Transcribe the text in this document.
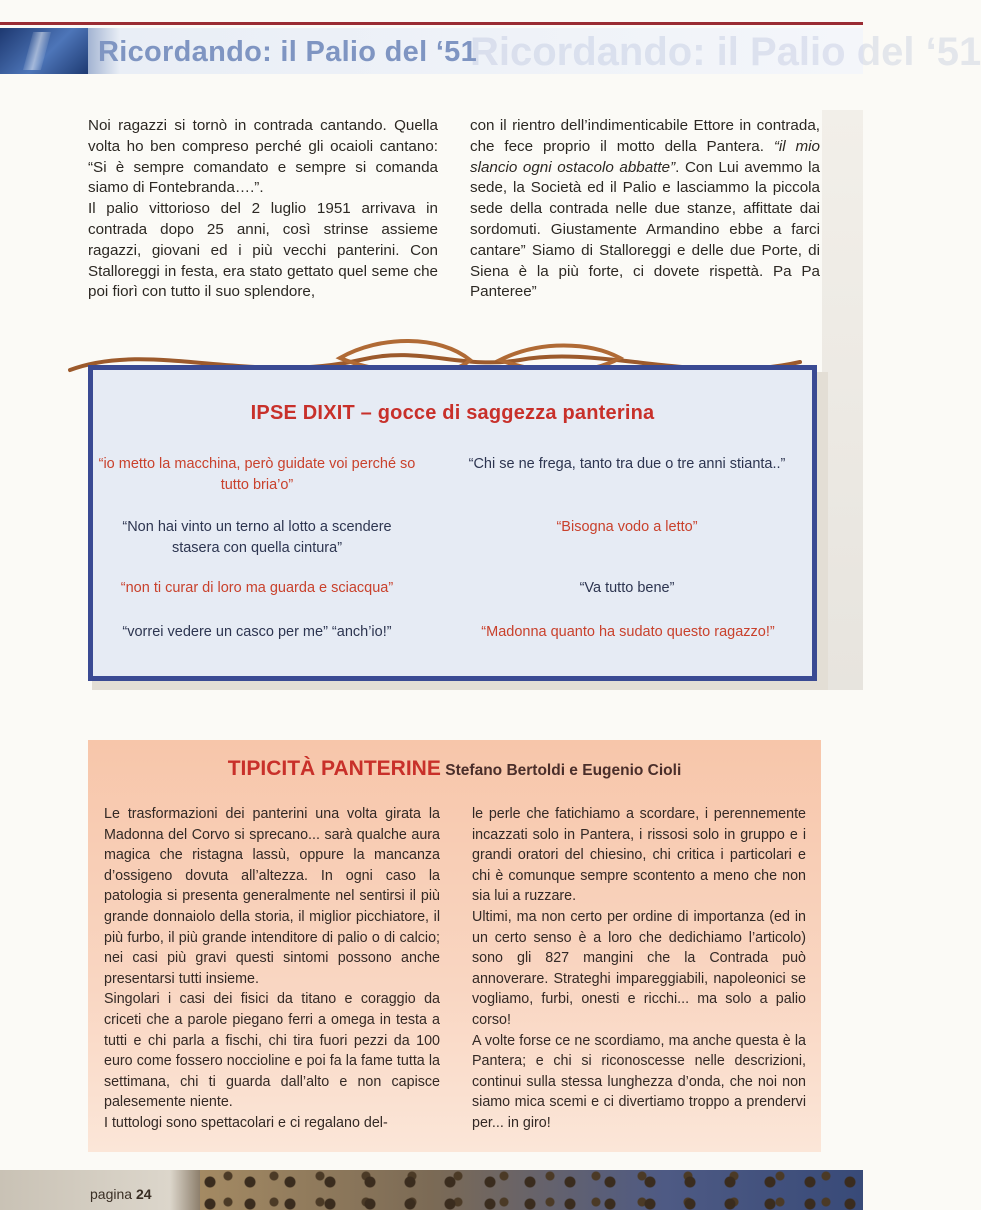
Ricordando: il Palio del ‘51
Ricordando: il Palio del ‘51

Noi ragazzi si tornò in contrada cantando. Quella volta ho ben compreso perché gli ocaioli cantano: “Si è sempre comandato e sempre si comanda siamo di Fontebranda….”.

Il palio vittorioso del 2 luglio 1951 arrivava in contrada dopo 25 anni, così strinse assieme ragazzi, giovani ed i più vecchi panterini. Con Stalloreggi in festa, era stato gettato quel seme che poi fiorì con tutto il suo splendore,

con il rientro dell’indimenticabile Ettore in contrada, che fece proprio il motto della Pantera. “il mio slancio ogni ostacolo abbatte”. Con Lui avemmo la sede, la Società ed il Palio e lasciammo la piccola sede della contrada nelle due stanze, affittate dai sordomuti. Giustamente Armandino ebbe a farci cantare” Siamo di Stalloreggi e delle due Porte, di Siena è la più forte, ci dovete rispettà. Pa Pa Panteree”

IPSE DIXIT – gocce di saggezza panterina
“io metto la macchina, però guidate voi perché so tutto bria’o”
“Chi se ne frega, tanto tra due o tre anni stianta..”
“Non hai vinto un terno al lotto a scendere stasera con quella cintura”
“Bisogna vodo a letto”
“non ti curar di loro ma guarda e sciacqua”	“Va tutto bene”
“vorrei vedere un casco per me” “anch’io!”	“Madonna quanto ha sudato questo ragazzo!”
TIPICITÀ PANTERINE Stefano Bertoldi e Eugenio Cioli

Le trasformazioni dei panterini una volta girata la Madonna del Corvo si sprecano... sarà qualche aura magica che ristagna lassù, oppure la mancanza d’ossigeno dovuta all’altezza. In ogni caso la patologia si presenta generalmente nel sentirsi il più grande donnaiolo della storia, il miglior picchiatore, il più furbo, il più grande intenditore di palio o di calcio; nei casi più gravi questi sintomi possono anche presentarsi tutti insieme.

Singolari i casi dei fisici da titano e coraggio da criceti che a parole piegano ferri a omega in testa a tutti e chi parla a fischi, chi tira fuori pezzi da 100 euro come fossero noccioline e poi fa la fame tutta la settimana, chi ti guarda dall’alto e non capisce palesemente niente.

I tuttologi sono spettacolari e ci regalano del-

le perle che fatichiamo a scordare, i perennemente incazzati solo in Pantera, i rissosi solo in gruppo e i grandi oratori del chiesino, chi critica i particolari e chi è comunque sempre scontento a meno che non sia lui a ruzzare.

Ultimi, ma non certo per ordine di importanza (ed in un certo senso è a loro che dedichiamo l’articolo) sono gli 827 mangini che la Contrada può annoverare. Strateghi impareggiabili, napoleonici se vogliamo, furbi, onesti e ricchi... ma solo a palio corso!

A volte forse ce ne scordiamo, ma anche questa è la Pantera; e chi si riconoscesse nelle descrizioni, continui sulla stessa lunghezza d’onda, che noi non siamo mica scemi e ci divertiamo troppo a prendervi per... in giro!

pagina 24
